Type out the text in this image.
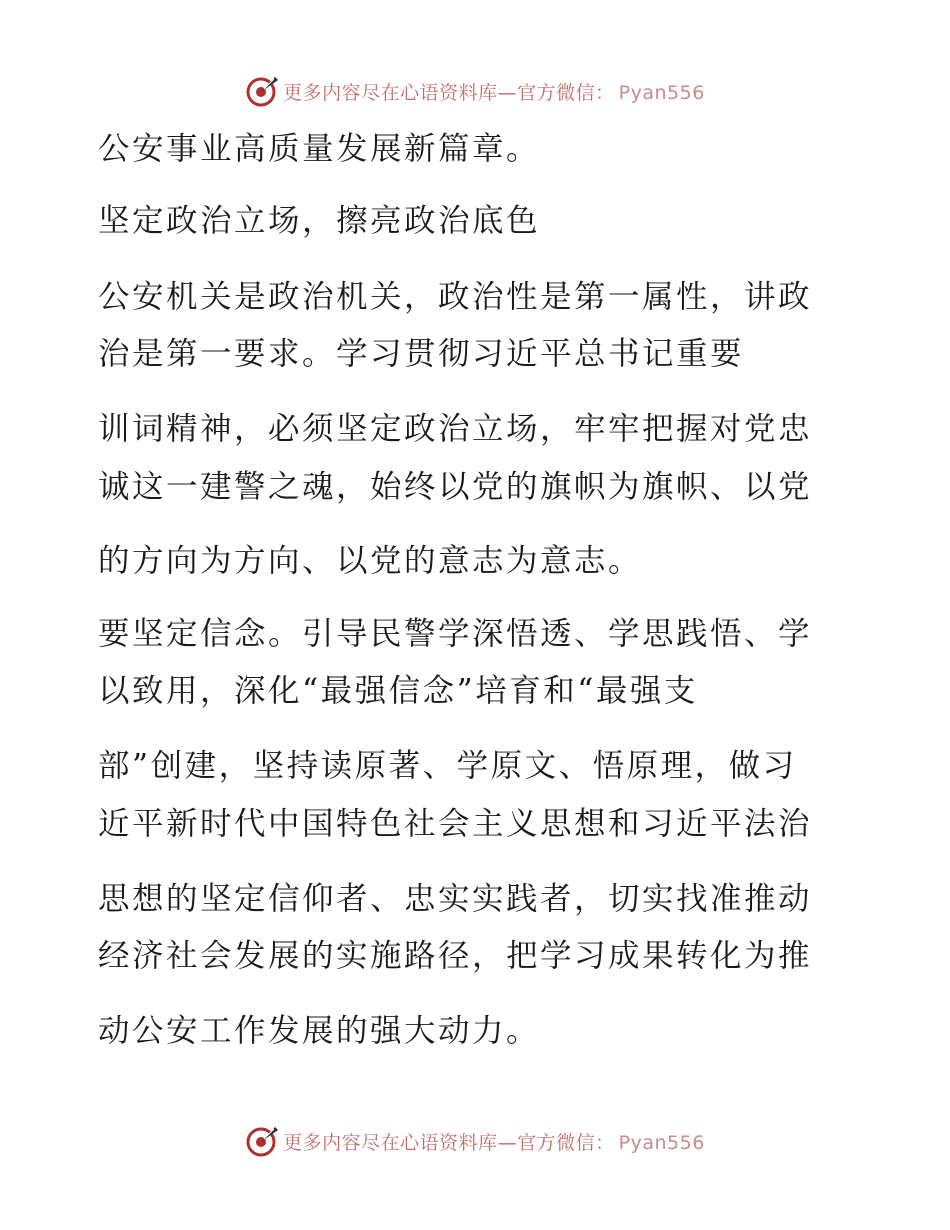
更多内容尽在心语资料库—官方微信： Pyan556
公安事业高质量发展新篇章。
坚定政治立场，擦亮政治底色
公安机关是政治机关，政治性是第一属性，讲政
治是第一要求。学习贯彻习近平总书记重要
训词精神，必须坚定政治立场，牢牢把握对党忠
诚这一建警之魂，始终以党的旗帜为旗帜、以党
的方向为方向、以党的意志为意志。
要坚定信念。引导民警学深悟透、学思践悟、学
以致用，深化“最强信念”培育和“最强支
部”创建，坚持读原著、学原文、悟原理，做习
近平新时代中国特色社会主义思想和习近平法治
思想的坚定信仰者、忠实实践者，切实找准推动
经济社会发展的实施路径，把学习成果转化为推
动公安工作发展的强大动力。
更多内容尽在心语资料库—官方微信： Pyan556
